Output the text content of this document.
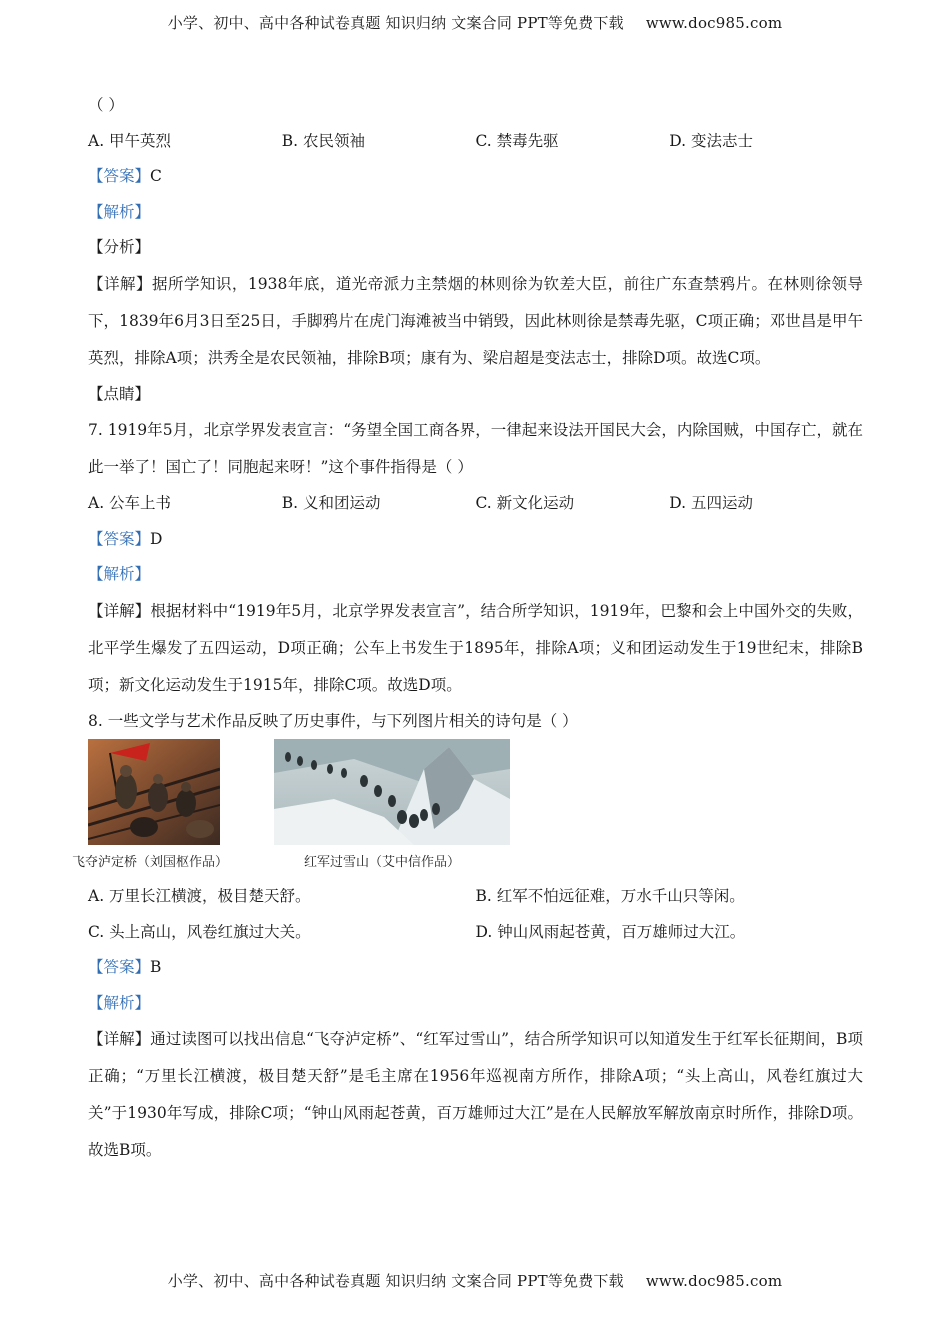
小学、初中、高中各种试卷真题 知识归纳 文案合同 PPT等免费下载 www.doc985.com
（ ）
A. 甲午英烈	B. 农民领袖	C. 禁毒先驱	D. 变法志士
【答案】C
【解析】
【分析】
【详解】据所学知识，1938年底，道光帝派力主禁烟的林则徐为钦差大臣，前往广东查禁鸦片。在林则徐领导下，1839年6月3日至25日，手脚鸦片在虎门海滩被当中销毁，因此林则徐是禁毒先驱，C项正确；邓世昌是甲午英烈，排除A项；洪秀全是农民领袖，排除B项；康有为、梁启超是变法志士，排除D项。故选C项。
【点睛】
7. 1919年5月，北京学界发表宣言：“务望全国工商各界，一律起来设法开国民大会，内除国贼，中国存亡，就在此一举了！国亡了！同胞起来呀！”这个事件指得是（ ）
A. 公车上书	B. 义和团运动	C. 新文化运动	D. 五四运动
【答案】D
【解析】
【详解】根据材料中“1919年5月，北京学界发表宣言”，结合所学知识，1919年，巴黎和会上中国外交的失败，北平学生爆发了五四运动，D项正确；公车上书发生于1895年，排除A项；义和团运动发生于19世纪末，排除B项；新文化运动发生于1915年，排除C项。故选D项。
8. 一些文学与艺术作品反映了历史事件，与下列图片相关的诗句是（ ）
飞夺泸定桥（刘国枢作品）	红军过雪山（艾中信作品）
A. 万里长江横渡，极目楚天舒。	B. 红军不怕远征难，万水千山只等闲。
C. 头上高山，风卷红旗过大关。	D. 钟山风雨起苍黄，百万雄师过大江。
【答案】B
【解析】
【详解】通过读图可以找出信息“飞夺泸定桥”、“红军过雪山”，结合所学知识可以知道发生于红军长征期间，B项正确；“万里长江横渡，极目楚天舒”是毛主席在1956年巡视南方所作，排除A项；“头上高山，风卷红旗过大关”于1930年写成，排除C项；“钟山风雨起苍黄，百万雄师过大江”是在人民解放军解放南京时所作，排除D项。故选B项。
小学、初中、高中各种试卷真题 知识归纳 文案合同 PPT等免费下载 www.doc985.com
